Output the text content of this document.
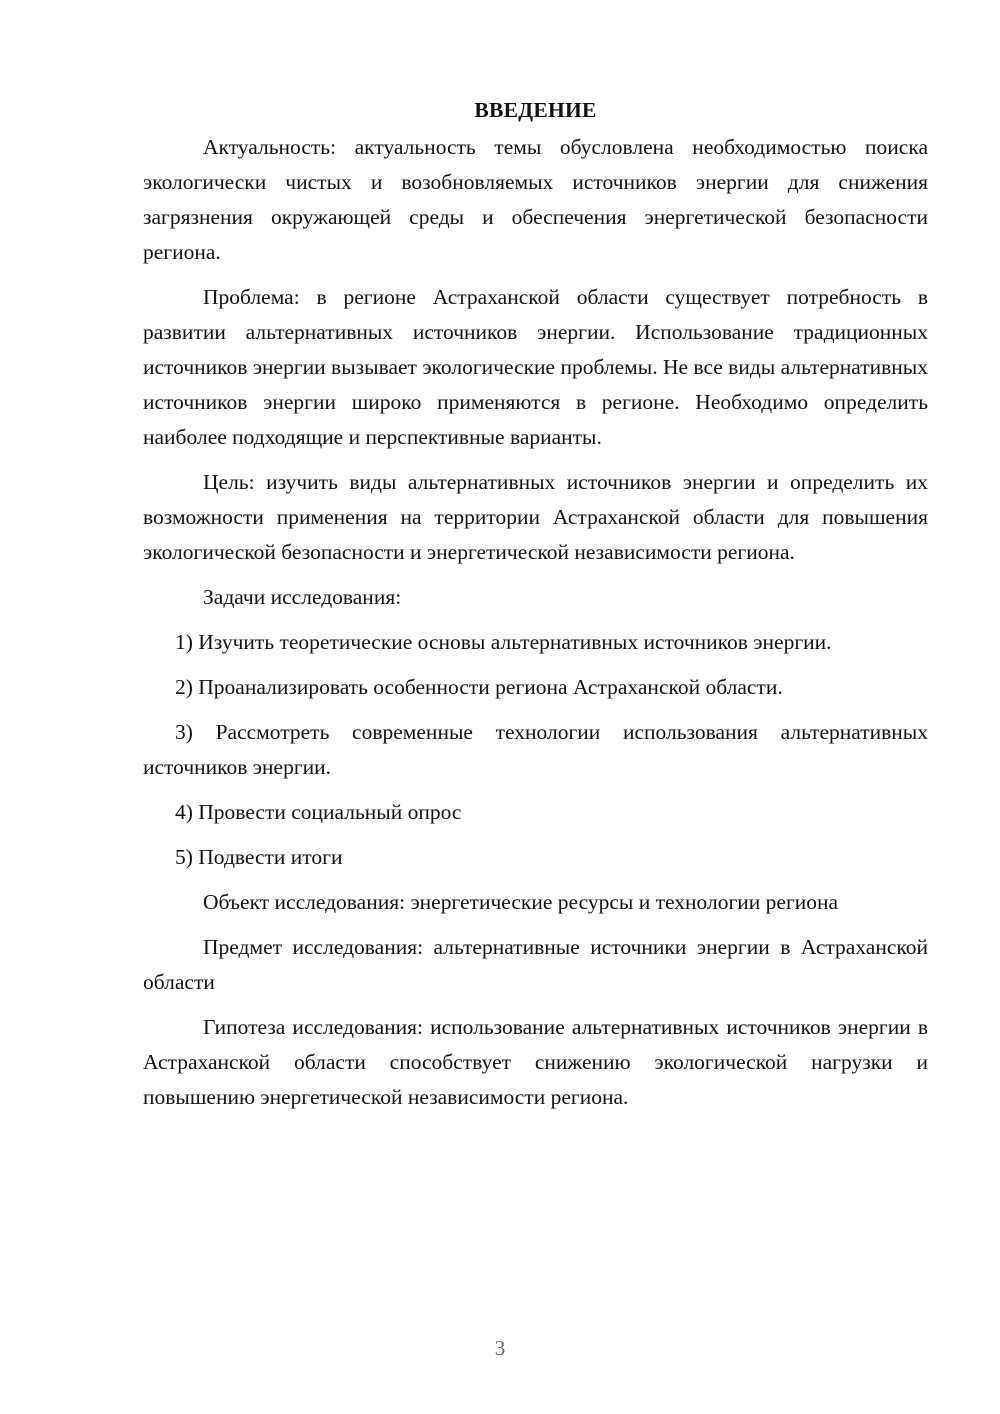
ВВЕДЕНИЕ

Актуальность: актуальность темы обусловлена необходимостью поиска экологически чистых и возобновляемых источников энергии для снижения загрязнения окружающей среды и обеспечения энергетической безопасности региона.

Проблема: в регионе Астраханской области существует потребность в развитии альтернативных источников энергии. Использование традиционных источников энергии вызывает экологические проблемы. Не все виды альтернативных источников энергии широко применяются в регионе. Необходимо определить наиболее подходящие и перспективные варианты.

Цель: изучить виды альтернативных источников энергии и определить их возможности применения на территории Астраханской области для повышения экологической безопасности и энергетической независимости региона.

Задачи исследования:

1) Изучить теоретические основы альтернативных источников энергии.

2) Проанализировать особенности региона Астраханской области.

3) Рассмотреть современные технологии использования альтернативных источников энергии.

4) Провести социальный опрос

5) Подвести итоги

Объект исследования: энергетические ресурсы и технологии региона

Предмет исследования: альтернативные источники энергии в Астраханской области

Гипотеза исследования: использование альтернативных источников энергии в Астраханской области способствует снижению экологической нагрузки и повышению энергетической независимости региона.

3
